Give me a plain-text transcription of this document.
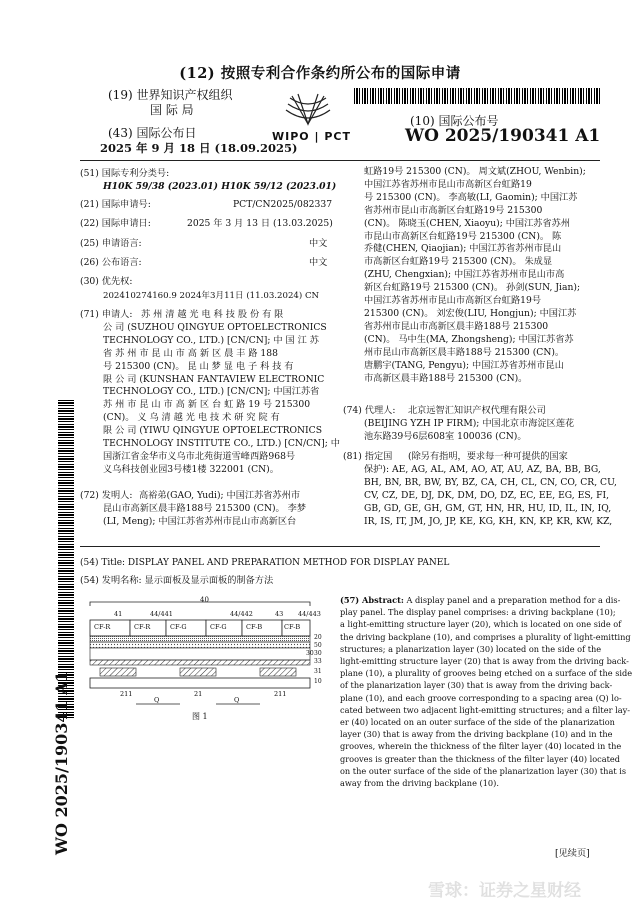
(12) 按照专利合作条约所公布的国际申请
(19) 世界知识产权组织
国 际 局
(43) 国际公布日
2025 年 9 月 18 日 (18.09.2025)
WIPO | PCT
(10) 国际公布号
WO 2025/190341 A1
(51) 国际专利分类号:
H10K 59/38 (2023.01) H10K 59/12 (2023.01)
(21) 国际申请号:	PCT/CN2025/082337
(22) 国际申请日:	2025 年 3 月 13 日 (13.03.2025)
(25) 申请语言:	中文
(26) 公布语言:	中文
(30) 优先权:
202410274160.9 2024年3月11日 (11.03.2024) CN
(71) 申请人: 苏 州 清 越 光 电 科 技 股 份 有 限
公 司 (SUZHOU QINGYUE OPTOELECTRONICS
TECHNOLOGY CO., LTD.) [CN/CN]; 中 国 江 苏
省 苏 州 市 昆 山 市 高 新 区 晨 丰 路 188
号 215300 (CN)。 昆 山 梦 显 电 子 科 技 有
限 公 司 (KUNSHAN FANTAVIEW ELECTRONIC
TECHNOLOGY CO., LTD.) [CN/CN]; 中国江苏省
苏 州 市 昆 山 市 高 新 区 台 虹 路 19 号 215300
(CN)。 义 乌 清 越 光 电 技 术 研 究 院 有
限 公 司 (YIWU QINGYUE OPTOELECTRONICS
TECHNOLOGY INSTITUTE CO., LTD.) [CN/CN]; 中
国浙江省金华市义乌市北苑街道雪峰西路968号
义乌科技创业园3号楼1楼 322001 (CN)。
(72) 发明人: 高裕弟(GAO, Yudi); 中国江苏省苏州市
昆山市高新区晨丰路188号 215300 (CN)。 李梦
(LI, Meng); 中国江苏省苏州市昆山市高新区台
虹路19号 215300 (CN)。 周文斌(ZHOU, Wenbin);
中国江苏省苏州市昆山市高新区台虹路19
号 215300 (CN)。 李高敏(LI, Gaomin); 中国江苏
省苏州市昆山市高新区台虹路19号 215300
(CN)。 陈晓玉(CHEN, Xiaoyu); 中国江苏省苏州
市昆山市高新区台虹路19号 215300 (CN)。 陈
乔健(CHEN, Qiaojian); 中国江苏省苏州市昆山
市高新区台虹路19号 215300 (CN)。 朱成显
(ZHU, Chengxian); 中国江苏省苏州市昆山市高
新区台虹路19号 215300 (CN)。 孙剑(SUN, Jian);
中国江苏省苏州市昆山市高新区台虹路19号
215300 (CN)。 刘宏俊(LIU, Hongjun); 中国江苏
省苏州市昆山市高新区晨丰路188号 215300
(CN)。 马中生(MA, Zhongsheng); 中国江苏省苏
州市昆山市高新区晨丰路188号 215300 (CN)。
唐鹏宇(TANG, Pengyu); 中国江苏省苏州市昆山
市高新区晨丰路188号 215300 (CN)。
(74) 代理人:	北京远智汇知识产权代理有限公司
(BEIJING YZH IP FIRM); 中国北京市海淀区莲花
池东路39号6层608室 100036 (CN)。
(81) 指定国	(除另有指明，要求每一种可提供的国家
保护): AE, AG, AL, AM, AO, AT, AU, AZ, BA, BB, BG,
BH, BN, BR, BW, BY, BZ, CA, CH, CL, CN, CO, CR, CU,
CV, CZ, DE, DJ, DK, DM, DO, DZ, EC, EE, EG, ES, FI,
GB, GD, GE, GH, GM, GT, HN, HR, HU, ID, IL, IN, IQ,
IR, IS, IT, JM, JO, JP, KE, KG, KH, KN, KP, KR, KW, KZ,
(54) Title: DISPLAY PANEL AND PREPARATION METHOD FOR DISPLAY PANEL
(54) 发明名称: 显示面板及显示面板的制备方法
40
41	44/441	44/442	43 44/443
CF-R	CF-R	CF-G	CF-G	CF-B	CF-B
20
50
30
33
31
10
30
211
Q
21
Q
211
图 1
(57) Abstract: A display panel and a preparation method for a dis-
play panel. The display panel comprises: a driving backplane (10);
a light-emitting structure layer (20), which is located on one side of
the driving backplane (10), and comprises a plurality of light-emitting
structures; a planarization layer (30) located on the side of the
light-emitting structure layer (20) that is away from the driving back-
plane (10), a plurality of grooves being etched on a surface of the side
of the planarization layer (30) that is away from the driving back-
plane (10), and each groove corresponding to a spacing area (Q) lo-
cated between two adjacent light-emitting structures; and a filter lay-
er (40) located on an outer surface of the side of the planarization
layer (30) that is away from the driving backplane (10) and in the
grooves, wherein the thickness of the filter layer (40) located in the
grooves is greater than the thickness of the filter layer (40) located
on the outer surface of the side of the planarization layer (30) that is
away from the driving backplane (10).
WO 2025/190341 A1	[见续页]
雪球：证券之星财经
